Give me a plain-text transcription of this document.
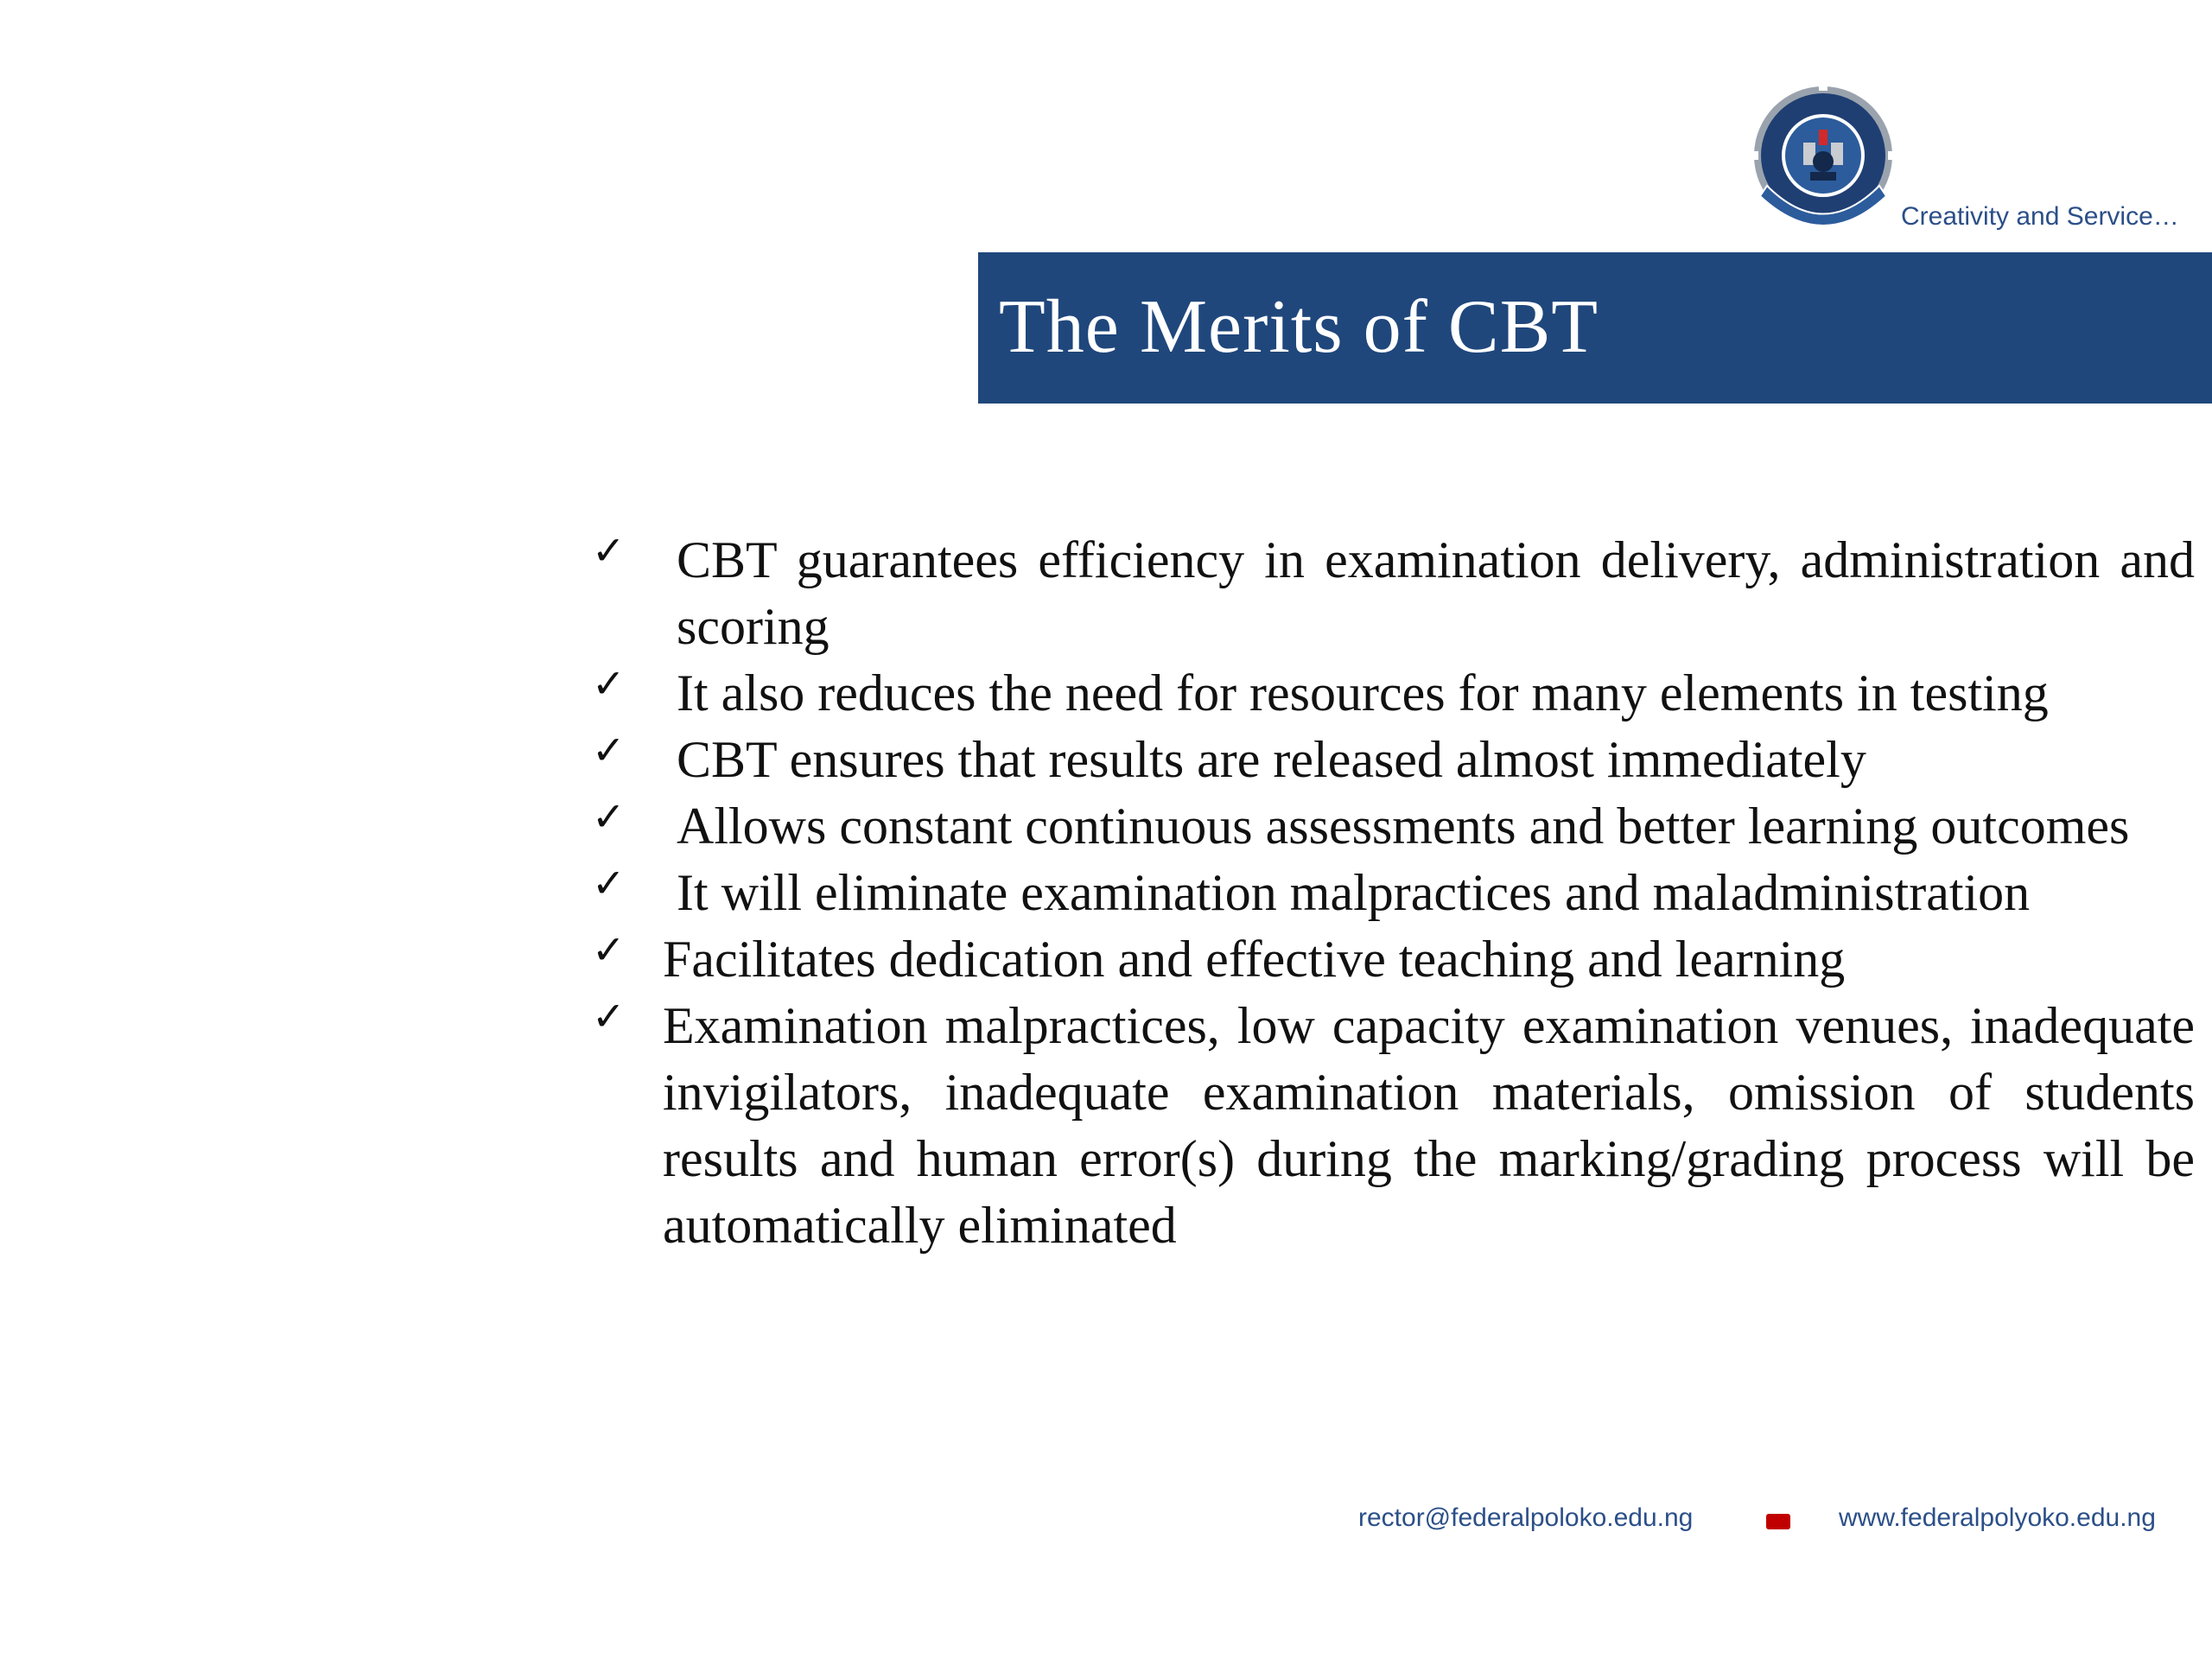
Creativity and Service…
The Merits of CBT
✓ CBT guarantees efficiency in examination delivery, administration and scoring
✓ It also reduces the need for resources for many elements in testing
✓ CBT ensures that results are released almost immediately
✓ Allows constant continuous assessments and better learning outcomes
✓ It will eliminate examination malpractices and maladministration
✓ Facilitates dedication and effective teaching and learning
✓ Examination malpractices, low capacity examination venues, inadequate invigilators, inadequate examination materials, omission of students results and human error(s) during the marking/grading process will be automatically eliminated
rector@federalpoloko.edu.ng	www.federalpolyoko.edu.ng
